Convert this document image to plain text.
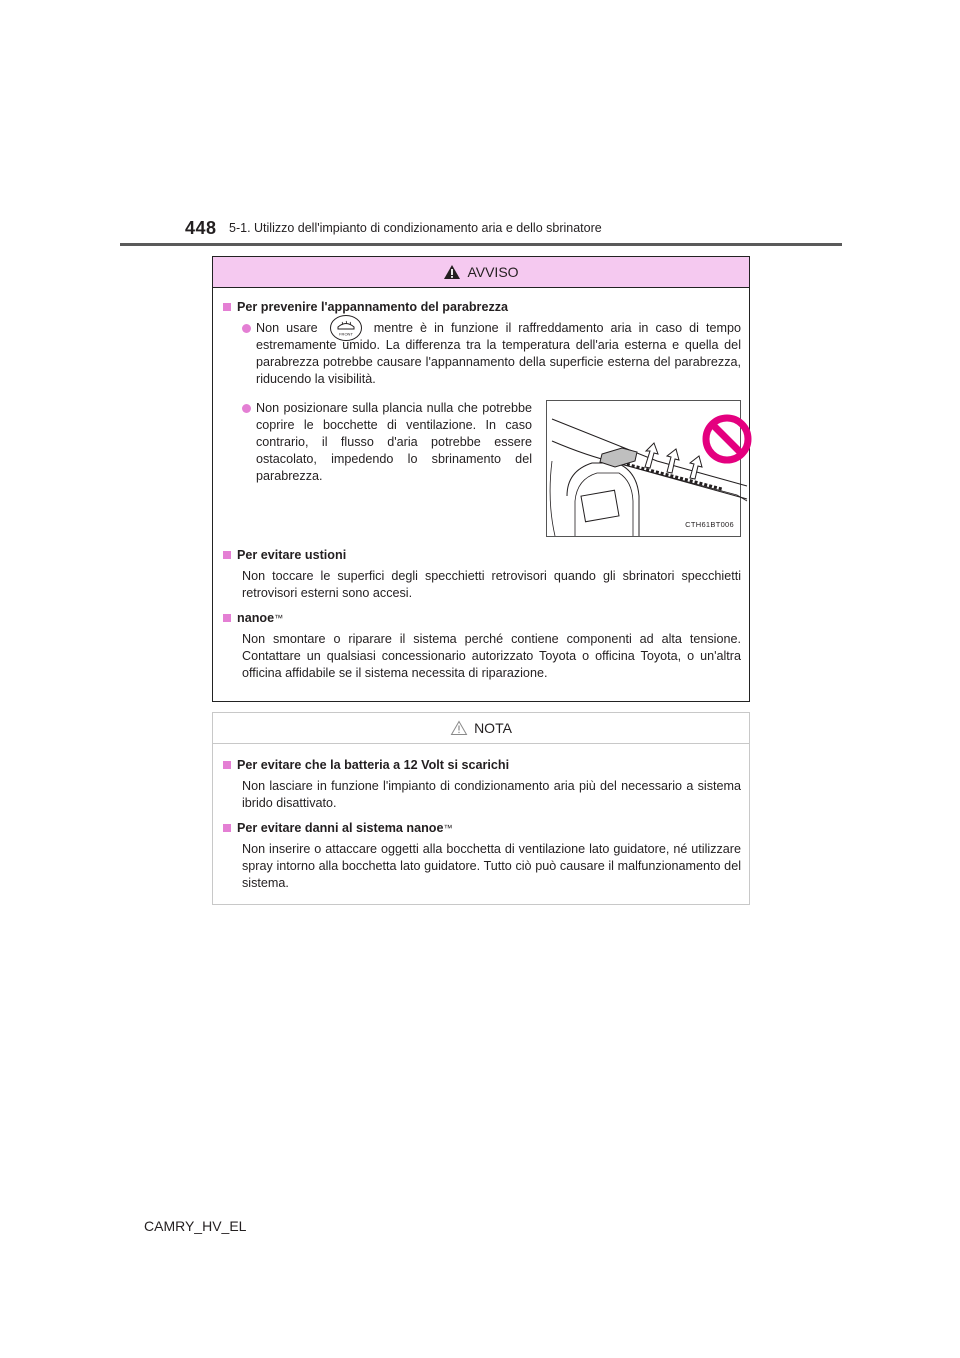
448 5-1. Utilizzo dell'impianto di condizionamento aria e dello sbrinatore
AVVISO
Per prevenire l'appannamento del parabrezza
Non usare	FRONT mentre è in funzione il raffreddamento aria in caso di tempo estremamente umido. La differenza tra la temperatura dell'aria esterna e quella del parabrezza potrebbe causare l'appannamento della superficie esterna del parabrezza, riducendo la visibilità.
Non posizionare sulla plancia nulla che potrebbe coprire le bocchette di ventilazione. In caso contrario, il flusso d'aria potrebbe essere ostacolato, impedendo lo sbrinamento del parabrezza.
CTH61BT006
Per evitare ustioni
Non toccare le superfici degli specchietti retrovisori quando gli sbrinatori specchietti retrovisori esterni sono accesi.
nanoe™
Non smontare o riparare il sistema perché contiene componenti ad alta tensione. Contattare un qualsiasi concessionario autorizzato Toyota o officina Toyota, o un'altra officina affidabile se il sistema necessita di riparazione.
NOTA
Per evitare che la batteria a 12 Volt si scarichi
Non lasciare in funzione l'impianto di condizionamento aria più del necessario a sistema ibrido disattivato.
Per evitare danni al sistema nanoe™
Non inserire o attaccare oggetti alla bocchetta di ventilazione lato guidatore, né utilizzare spray intorno alla bocchetta lato guidatore. Tutto ciò può causare il malfunzionamento del sistema.
CAMRY_HV_EL
